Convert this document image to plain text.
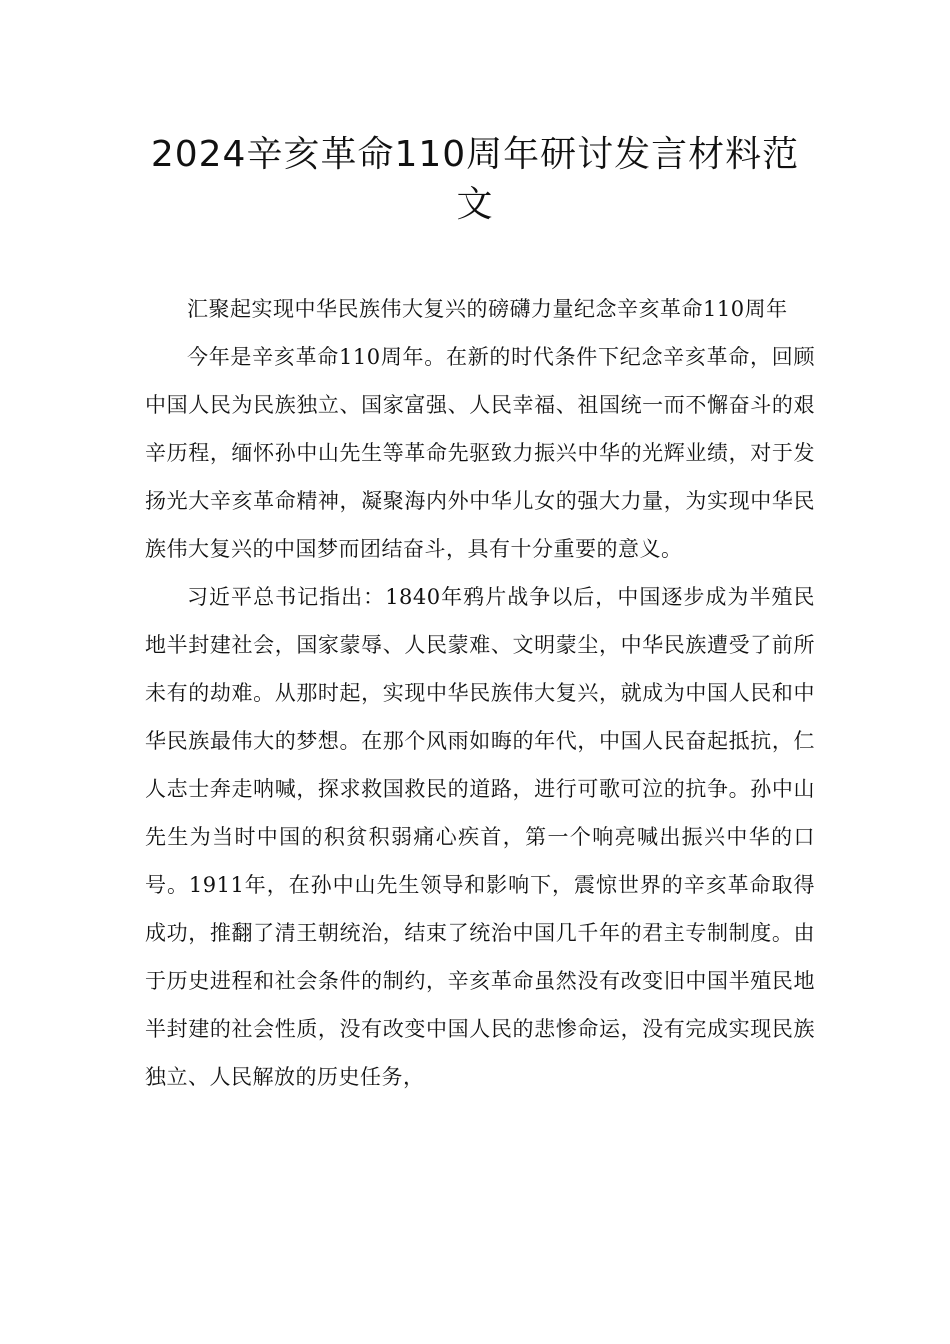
2024辛亥革命110周年研讨发言材料范
文

汇聚起实现中华民族伟大复兴的磅礴力量纪念辛亥革命110周年

今年是辛亥革命110周年。在新的时代条件下纪念辛亥革命，回顾中国人民为民族独立、国家富强、人民幸福、祖国统一而不懈奋斗的艰辛历程，缅怀孙中山先生等革命先驱致力振兴中华的光辉业绩，对于发扬光大辛亥革命精神，凝聚海内外中华儿女的强大力量，为实现中华民族伟大复兴的中国梦而团结奋斗，具有十分重要的意义。

习近平总书记指出：1840年鸦片战争以后，中国逐步成为半殖民地半封建社会，国家蒙辱、人民蒙难、文明蒙尘，中华民族遭受了前所未有的劫难。从那时起，实现中华民族伟大复兴，就成为中国人民和中华民族最伟大的梦想。在那个风雨如晦的年代，中国人民奋起抵抗，仁人志士奔走呐喊，探求救国救民的道路，进行可歌可泣的抗争。孙中山先生为当时中国的积贫积弱痛心疾首，第一个响亮喊出振兴中华的口号。1911年，在孙中山先生领导和影响下，震惊世界的辛亥革命取得成功，推翻了清王朝统治，结束了统治中国几千年的君主专制制度。由于历史进程和社会条件的制约，辛亥革命虽然没有改变旧中国半殖民地半封建的社会性质，没有改变中国人民的悲惨命运，没有完成实现民族独立、人民解放的历史任务，
